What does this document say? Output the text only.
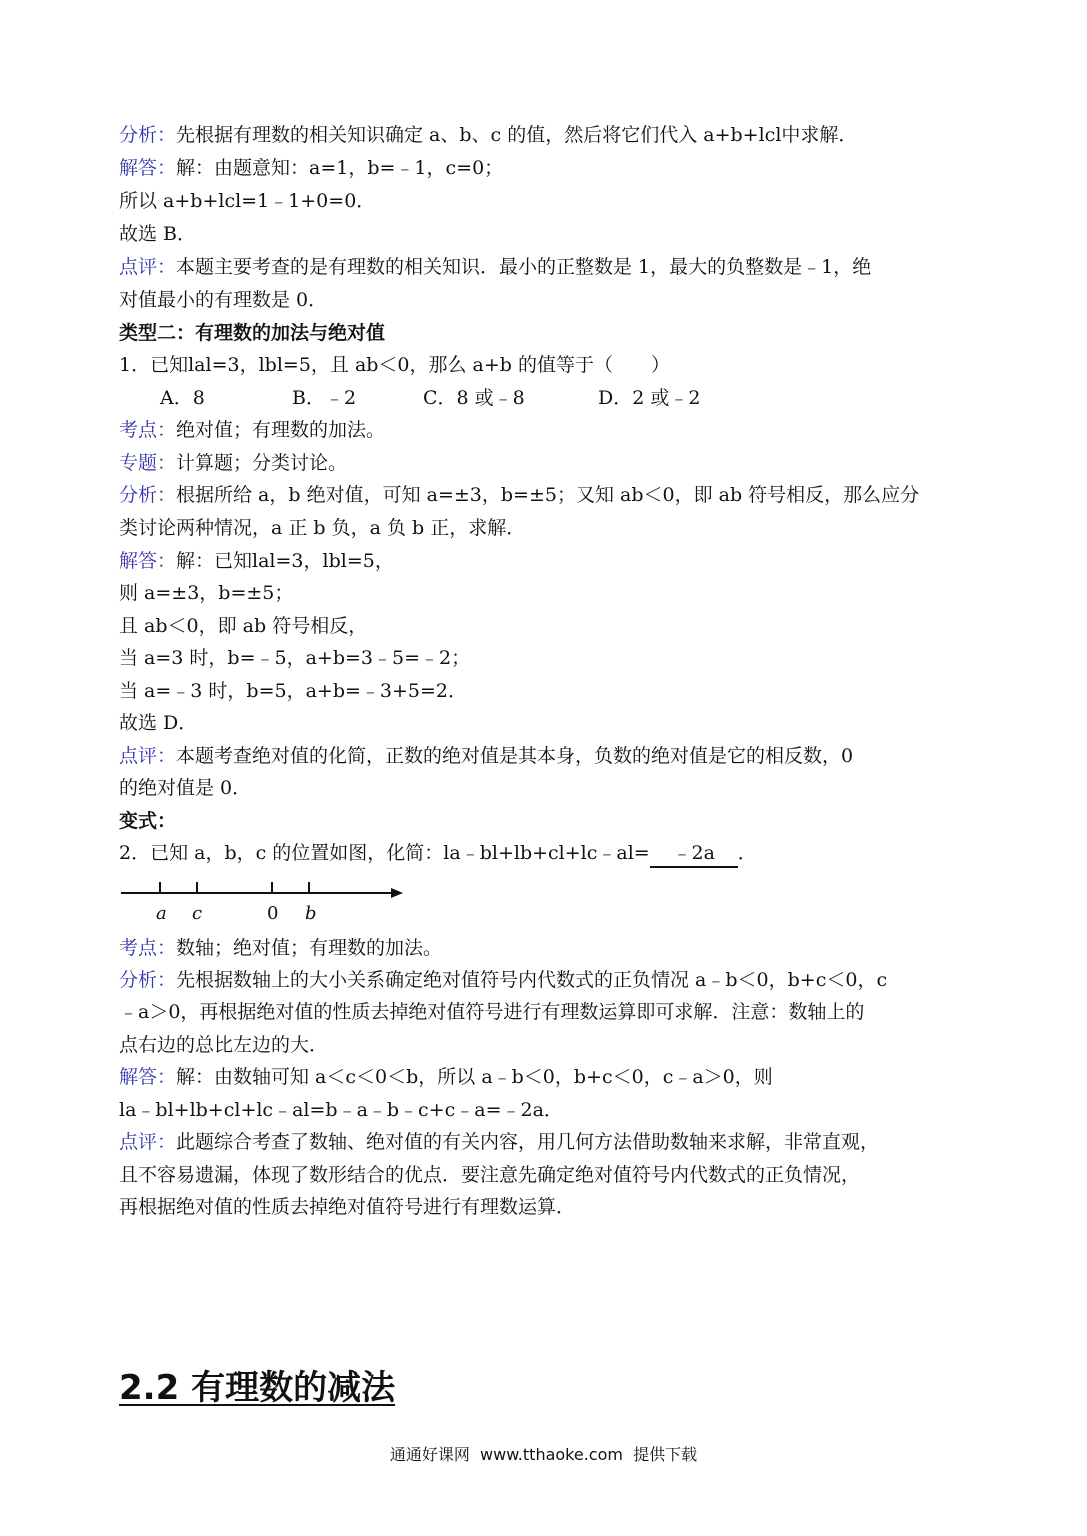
分析：先根据有理数的相关知识确定 a、b、c 的值，然后将它们代入 a+b+lcl中求解．
解答：解：由题意知：a=1，b=﹣1，c=0；
所以 a+b+lcl=1﹣1+0=0．
故选 B．
点评：本题主要考查的是有理数的相关知识．最小的正整数是 1，最大的负整数是﹣1，绝
对值最小的有理数是 0．
类型二：有理数的加法与绝对值
1．已知lal=3，lbl=5，且 ab＜0，那么 a+b 的值等于（　　）
A．8	B．﹣2	C．8 或﹣8	D．2 或﹣2
考点：绝对值；有理数的加法。
专题：计算题；分类讨论。
分析：根据所给 a，b 绝对值，可知 a=±3，b=±5；又知 ab＜0，即 ab 符号相反，那么应分
类讨论两种情况，a 正 b 负，a 负 b 正，求解．
解答：解：已知lal=3，lbl=5，
则 a=±3，b=±5；
且 ab＜0，即 ab 符号相反，
当 a=3 时，b=﹣5，a+b=3﹣5=﹣2；
当 a=﹣3 时，b=5，a+b=﹣3+5=2．
故选 D．
点评：本题考查绝对值的化简，正数的绝对值是其本身，负数的绝对值是它的相反数，0
的绝对值是 0．
变式：
2．已知 a，b，c 的位置如图，化简：la﹣bl+lb+cl+lc﹣al= ﹣2a ．
a c	0 b
考点：数轴；绝对值；有理数的加法。
分析：先根据数轴上的大小关系确定绝对值符号内代数式的正负情况 a﹣b＜0，b+c＜0，c
﹣a＞0，再根据绝对值的性质去掉绝对值符号进行有理数运算即可求解．注意：数轴上的
点右边的总比左边的大．
解答：解：由数轴可知 a＜c＜0＜b，所以 a﹣b＜0，b+c＜0，c﹣a＞0，则
la﹣bl+lb+cl+lc﹣al=b﹣a﹣b﹣c+c﹣a=﹣2a．
点评：此题综合考查了数轴、绝对值的有关内容，用几何方法借助数轴来求解，非常直观，
且不容易遗漏，体现了数形结合的优点．要注意先确定绝对值符号内代数式的正负情况，
再根据绝对值的性质去掉绝对值符号进行有理数运算．
2.2 有理数的减法
通通好课网  www.tthaoke.com  提供下载
